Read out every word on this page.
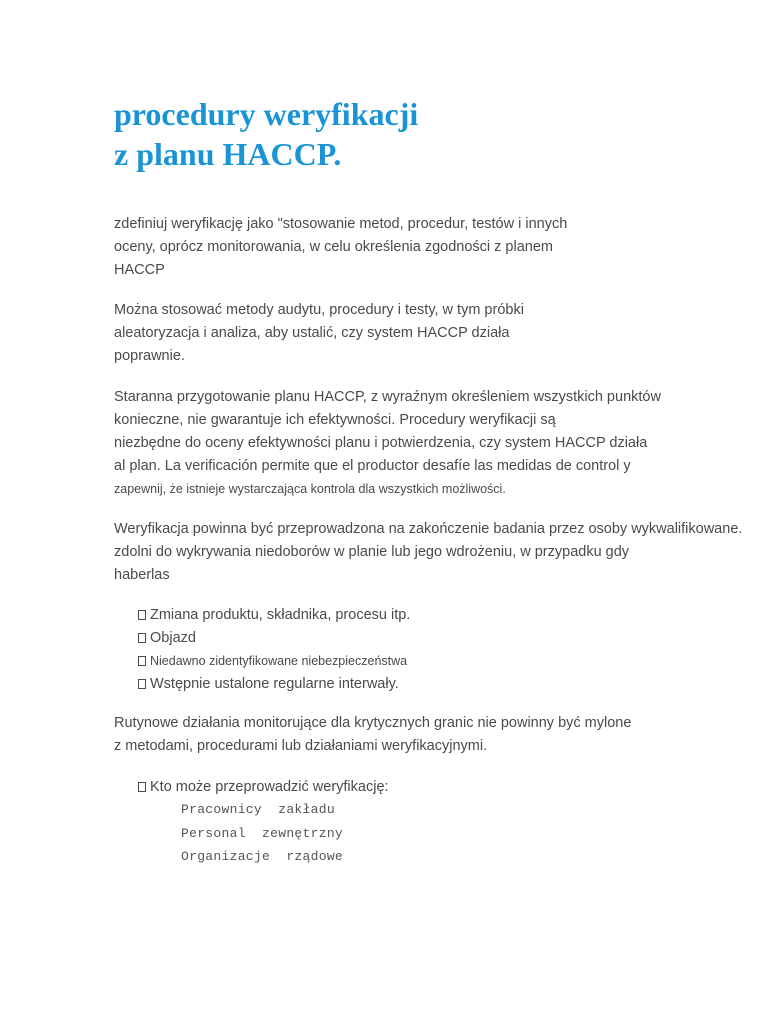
procedury weryfikacji
z planu HACCP.
zdefiniuj weryfikację jako "stosowanie metod, procedur, testów i innych
oceny, oprócz monitorowania, w celu określenia zgodności z planem
HACCP
Można stosować metody audytu, procedury i testy, w tym próbki
aleatoryzacja i analiza, aby ustalić, czy system HACCP działa
poprawnie.
Staranna przygotowanie planu HACCP, z wyraźnym określeniem wszystkich punktów
konieczne, nie gwarantuje ich efektywności. Procedury weryfikacji są
niezbędne do oceny efektywności planu i potwierdzenia, czy system HACCP działa
al plan. La verificación permite que el productor desafíe las medidas de control y
zapewnij, że istnieje wystarczająca kontrola dla wszystkich możliwości.
Weryfikacja powinna być przeprowadzona na zakończenie badania przez osoby wykwalifikowane.
zdolni do wykrywania niedoborów w planie lub jego wdrożeniu, w przypadku gdy
haberlas
Zmiana produktu, składnika, procesu itp.
Objazd
Niedawno zidentyfikowane niebezpieczeństwa
Wstępnie ustalone regularne interwały.
Rutynowe działania monitorujące dla krytycznych granic nie powinny być mylone
z metodami, procedurami lub działaniami weryfikacyjnymi.
Kto może przeprowadzić weryfikację:
Pracownicy  zakładu
Personal  zewnętrzny
Organizacje  rządowe
